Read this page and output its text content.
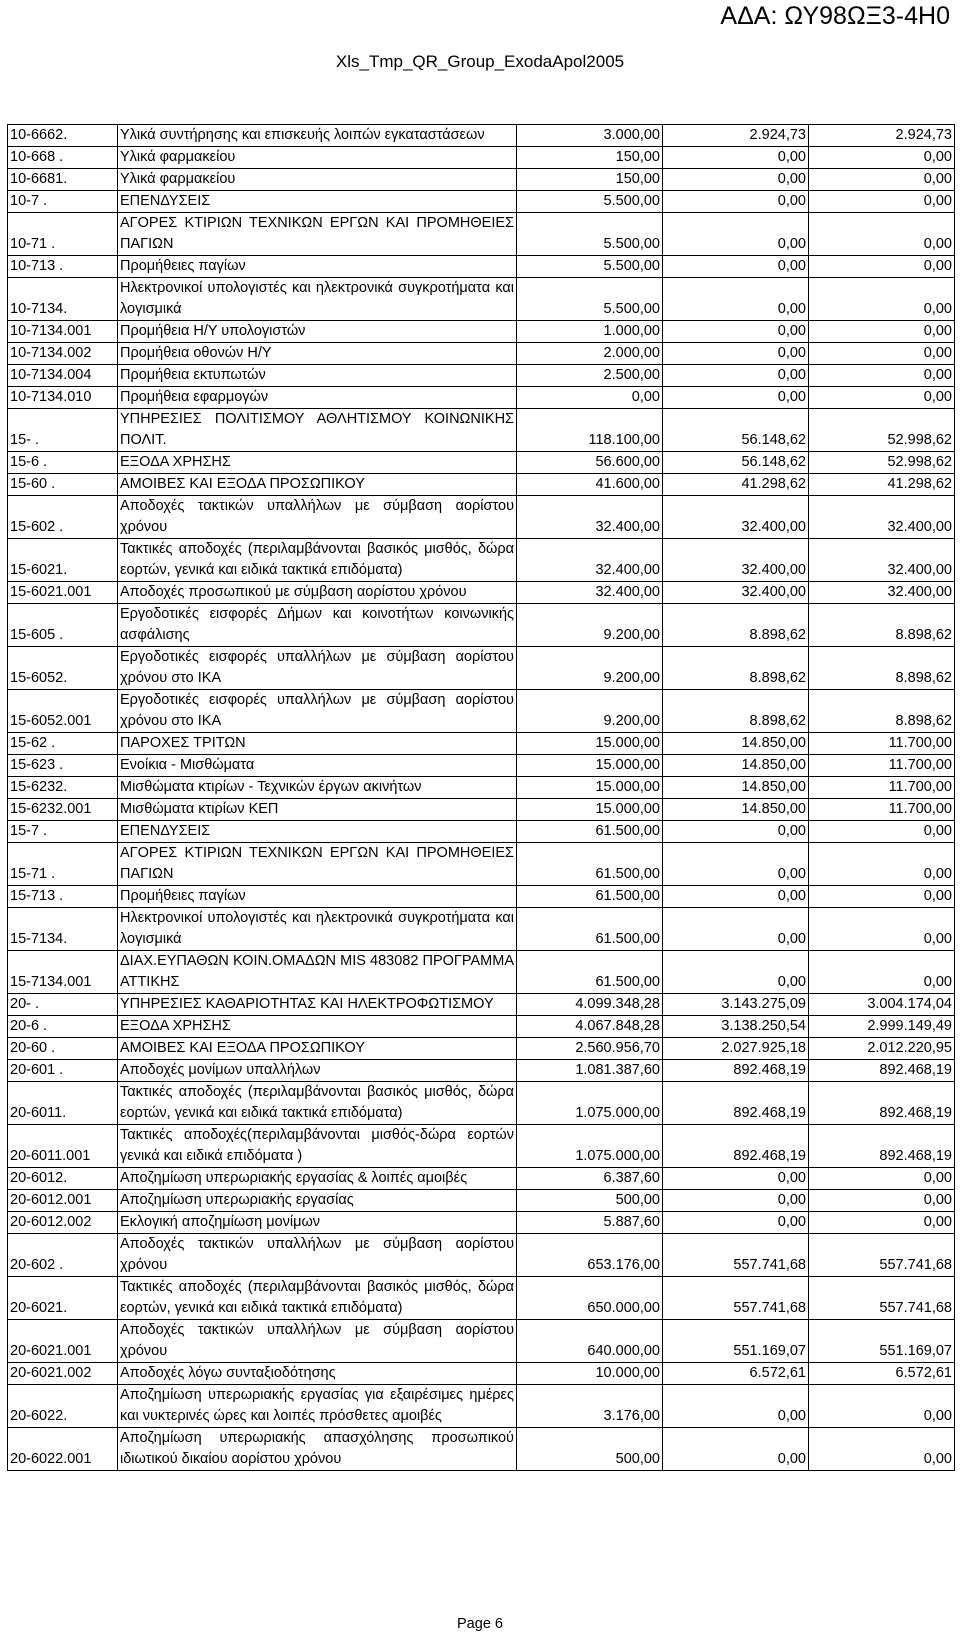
ΑΔΑ: ΩΥ98ΩΞ3-4Η0
Xls_Tmp_QR_Group_ExodaApol2005
10-6662.	Υλικά συντήρησης και επισκευής λοιπών εγκαταστάσεων	3.000,00	2.924,73	2.924,73
10-668 .	Υλικά φαρμακείου	150,00	0,00	0,00
10-6681.	Υλικά φαρμακείου	150,00	0,00	0,00
10-7 .	ΕΠΕΝΔΥΣΕΙΣ	5.500,00	0,00	0,00
10-71 .	ΑΓΟΡΕΣ ΚΤΙΡΙΩΝ ΤΕΧΝΙΚΩΝ ΕΡΓΩΝ ΚΑΙ ΠΡΟΜΗΘΕΙΕΣ ΠΑΓΙΩΝ	5.500,00	0,00	0,00
10-713 .	Προμήθειες παγίων	5.500,00	0,00	0,00
10-7134.	Ηλεκτρονικοί υπολογιστές και ηλεκτρονικά συγκροτήματα και λογισμικά	5.500,00	0,00	0,00
10-7134.001	Προμήθεια Η/Υ υπολογιστών	1.000,00	0,00	0,00
10-7134.002	Προμήθεια οθονών Η/Υ	2.000,00	0,00	0,00
10-7134.004	Προμήθεια εκτυπωτών	2.500,00	0,00	0,00
10-7134.010	Προμήθεια εφαρμογών	0,00	0,00	0,00
15- .	ΥΠΗΡΕΣΙΕΣ ΠΟΛΙΤΙΣΜΟΥ ΑΘΛΗΤΙΣΜΟΥ ΚΟΙΝΩΝΙΚΗΣ ΠΟΛΙΤ.	118.100,00	56.148,62	52.998,62
15-6 .	ΕΞΟΔΑ ΧΡΗΣΗΣ	56.600,00	56.148,62	52.998,62
15-60 .	ΑΜΟΙΒΕΣ ΚΑΙ ΕΞΟΔΑ ΠΡΟΣΩΠΙΚΟΥ	41.600,00	41.298,62	41.298,62
15-602 .	Αποδοχές τακτικών υπαλλήλων με σύμβαση αορίστου χρόνου	32.400,00	32.400,00	32.400,00
15-6021.	Τακτικές αποδοχές (περιλαμβάνονται βασικός μισθός, δώρα εορτών, γενικά και ειδικά τακτικά επιδόματα)	32.400,00	32.400,00	32.400,00
15-6021.001	Αποδοχές προσωπικού με σύμβαση αορίστου χρόνου	32.400,00	32.400,00	32.400,00
15-605 .	Εργοδοτικές εισφορές Δήμων και κοινοτήτων κοινωνικής ασφάλισης	9.200,00	8.898,62	8.898,62
15-6052.	Εργοδοτικές εισφορές υπαλλήλων με σύμβαση αορίστου χρόνου στο ΙΚΑ	9.200,00	8.898,62	8.898,62
15-6052.001	Εργοδοτικές εισφορές υπαλλήλων με σύμβαση αορίστου χρόνου στο ΙΚΑ	9.200,00	8.898,62	8.898,62
15-62 .	ΠΑΡΟΧΕΣ ΤΡΙΤΩΝ	15.000,00	14.850,00	11.700,00
15-623 .	Ενοίκια - Μισθώματα	15.000,00	14.850,00	11.700,00
15-6232.	Μισθώματα κτιρίων - Τεχνικών έργων ακινήτων	15.000,00	14.850,00	11.700,00
15-6232.001	Μισθώματα κτιρίων ΚΕΠ	15.000,00	14.850,00	11.700,00
15-7 .	ΕΠΕΝΔΥΣΕΙΣ	61.500,00	0,00	0,00
15-71 .	ΑΓΟΡΕΣ ΚΤΙΡΙΩΝ ΤΕΧΝΙΚΩΝ ΕΡΓΩΝ ΚΑΙ ΠΡΟΜΗΘΕΙΕΣ ΠΑΓΙΩΝ	61.500,00	0,00	0,00
15-713 .	Προμήθειες παγίων	61.500,00	0,00	0,00
15-7134.	Ηλεκτρονικοί υπολογιστές και ηλεκτρονικά συγκροτήματα και λογισμικά	61.500,00	0,00	0,00
15-7134.001	ΔΙΑΧ.ΕΥΠΑΘΩΝ ΚΟΙΝ.ΟΜΑΔΩΝ MIS 483082 ΠΡΟΓΡΑΜΜΑ ΑΤΤΙΚΗΣ	61.500,00	0,00	0,00
20- .	ΥΠΗΡΕΣΙΕΣ ΚΑΘΑΡΙΟΤΗΤΑΣ ΚΑΙ ΗΛΕΚΤΡΟΦΩΤΙΣΜΟΥ	4.099.348,28	3.143.275,09	3.004.174,04
20-6 .	ΕΞΟΔΑ ΧΡΗΣΗΣ	4.067.848,28	3.138.250,54	2.999.149,49
20-60 .	ΑΜΟΙΒΕΣ ΚΑΙ ΕΞΟΔΑ ΠΡΟΣΩΠΙΚΟΥ	2.560.956,70	2.027.925,18	2.012.220,95
20-601 .	Αποδοχές μονίμων υπαλλήλων	1.081.387,60	892.468,19	892.468,19
20-6011.	Τακτικές αποδοχές (περιλαμβάνονται βασικός μισθός, δώρα εορτών, γενικά και ειδικά τακτικά επιδόματα)	1.075.000,00	892.468,19	892.468,19
20-6011.001	Τακτικές αποδοχές(περιλαμβάνονται μισθός-δώρα εορτών γενικά και ειδικά επιδόματα )	1.075.000,00	892.468,19	892.468,19
20-6012.	Αποζημίωση υπερωριακής εργασίας & λοιπές αμοιβές	6.387,60	0,00	0,00
20-6012.001	Αποζημίωση υπερωριακής εργασίας	500,00	0,00	0,00
20-6012.002	Εκλογική αποζημίωση μονίμων	5.887,60	0,00	0,00
20-602 .	Αποδοχές τακτικών υπαλλήλων με σύμβαση αορίστου χρόνου	653.176,00	557.741,68	557.741,68
20-6021.	Τακτικές αποδοχές (περιλαμβάνονται βασικός μισθός, δώρα εορτών, γενικά και ειδικά τακτικά επιδόματα)	650.000,00	557.741,68	557.741,68
20-6021.001	Αποδοχές τακτικών υπαλλήλων με σύμβαση αορίστου χρόνου	640.000,00	551.169,07	551.169,07
20-6021.002	Αποδοχές λόγω συνταξιοδότησης	10.000,00	6.572,61	6.572,61
20-6022.	Αποζημίωση υπερωριακής εργασίας για εξαιρέσιμες ημέρες και νυκτερινές ώρες και λοιπές πρόσθετες αμοιβές	3.176,00	0,00	0,00
20-6022.001	Αποζημίωση υπερωριακής απασχόλησης προσωπικού ιδιωτικού δικαίου αορίστου χρόνου	500,00	0,00	0,00
Page 6
